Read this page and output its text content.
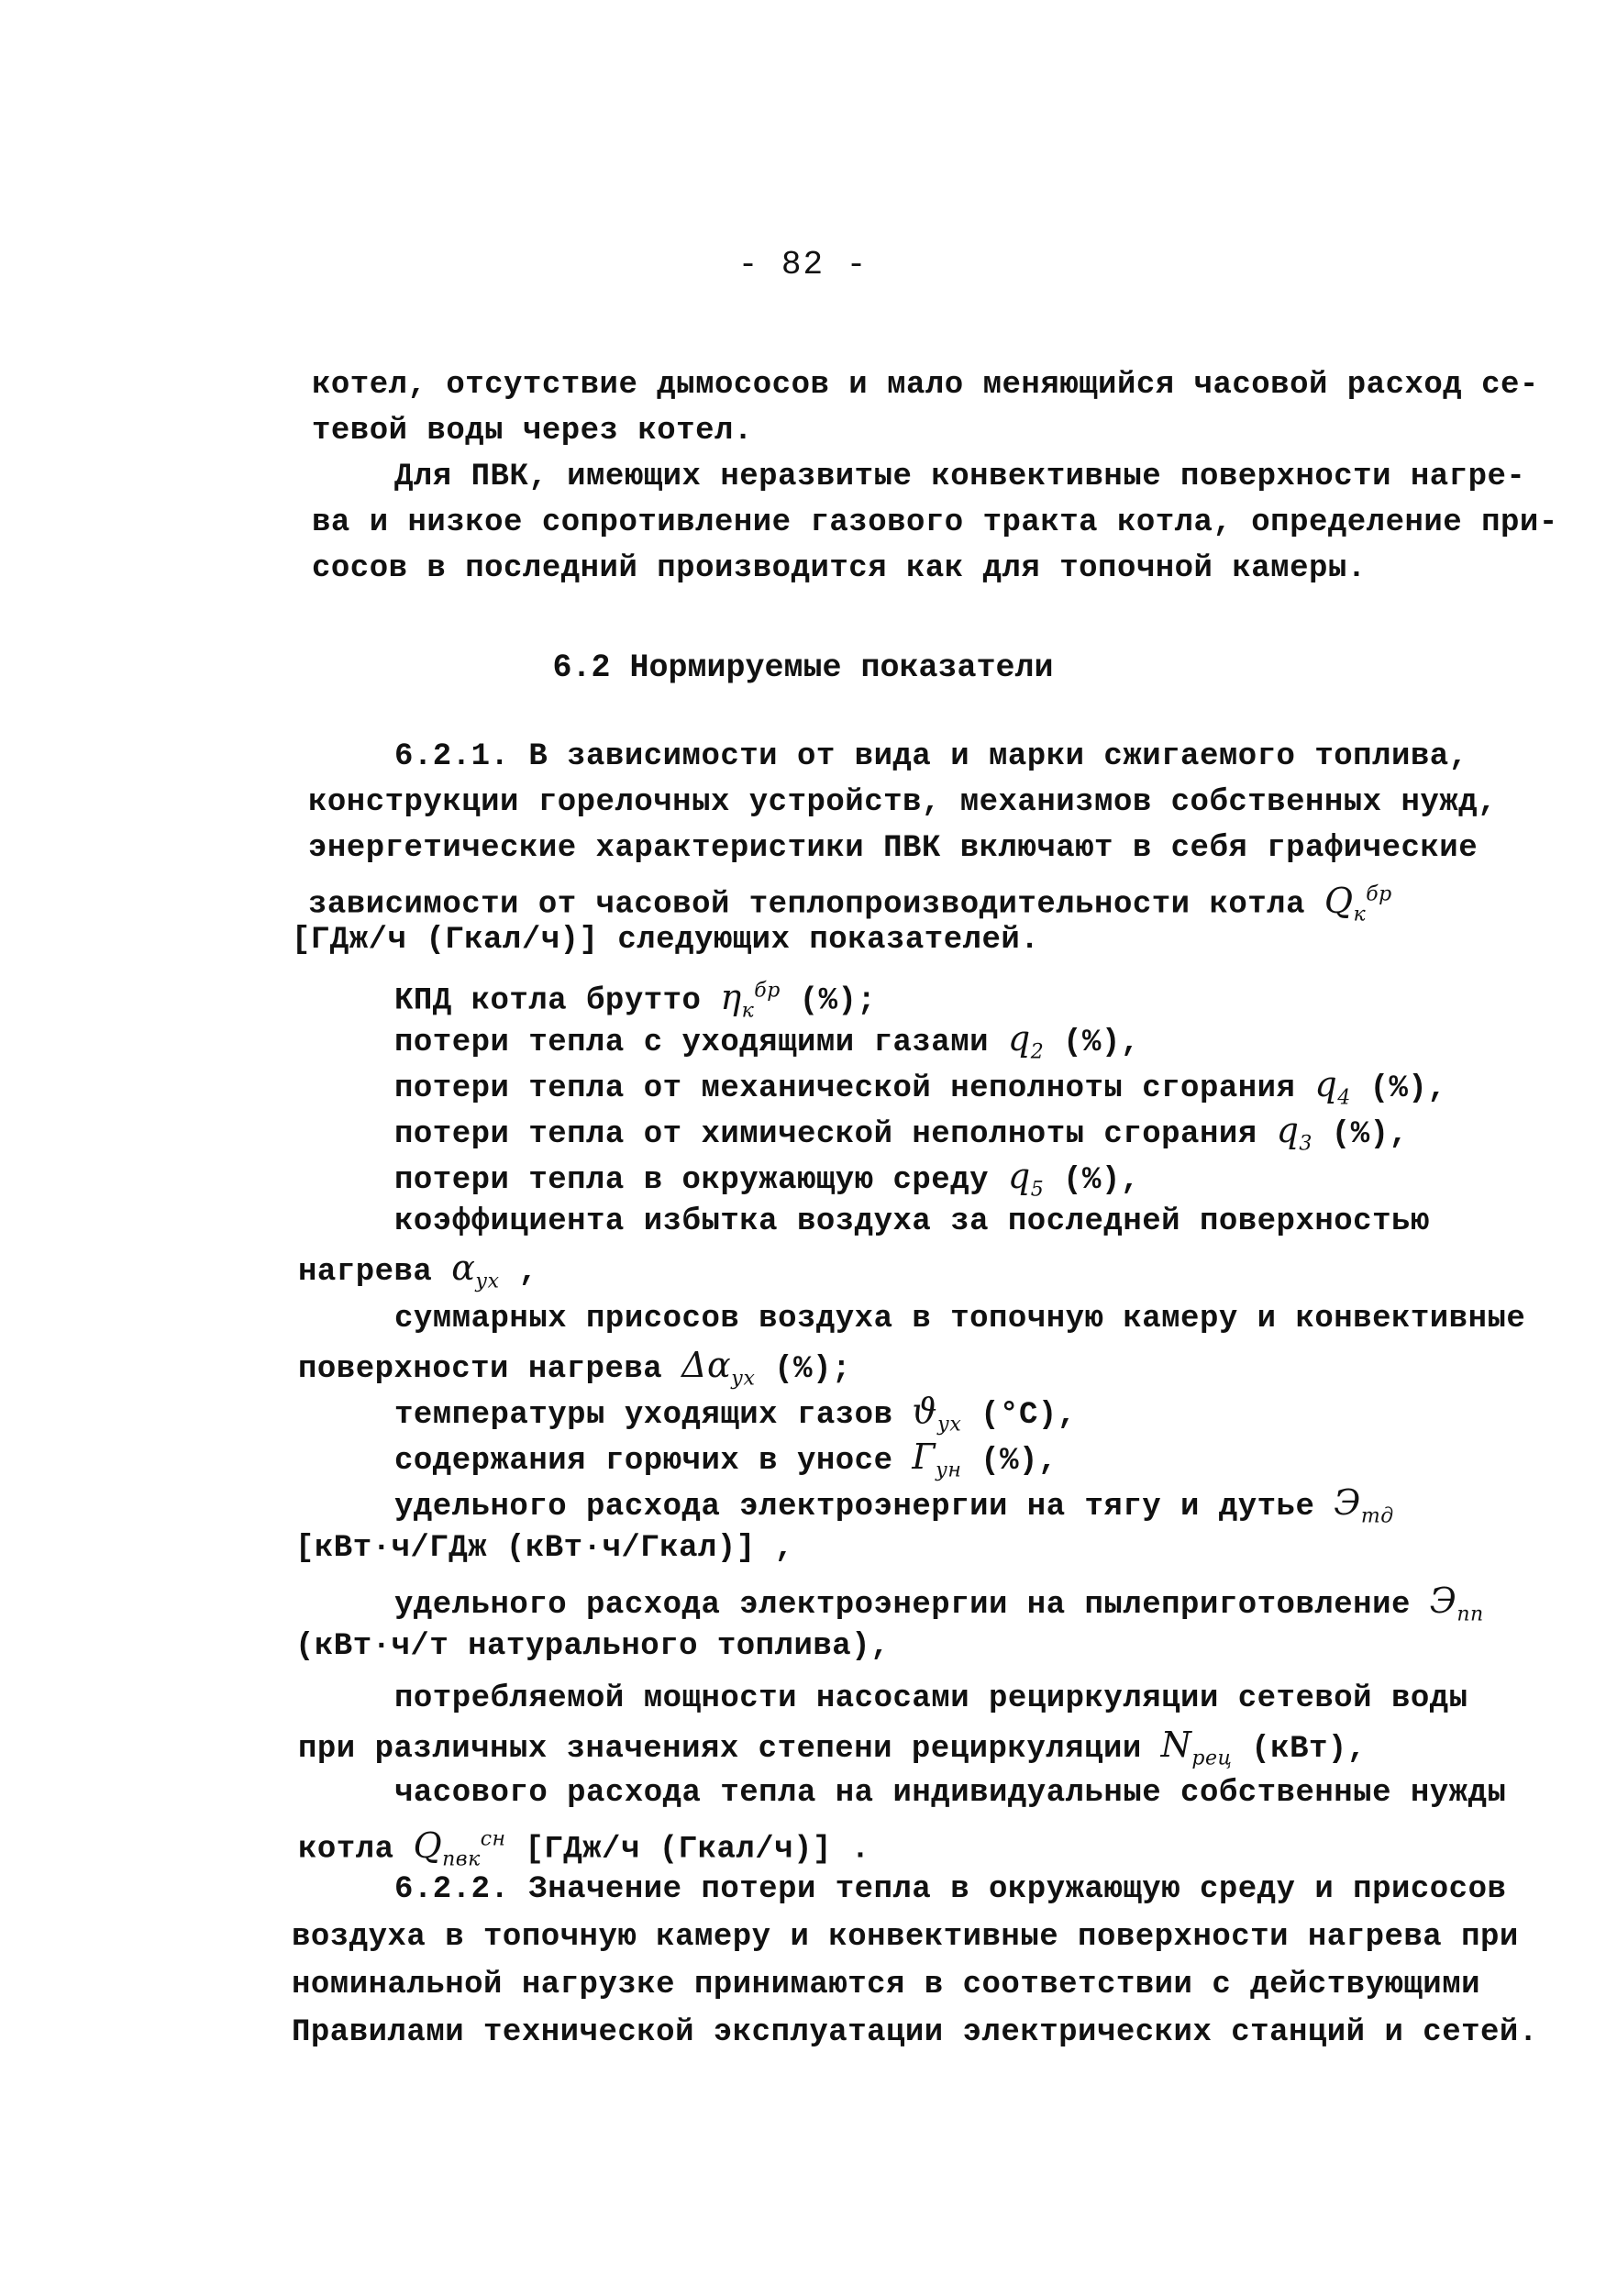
- 82 -
котел, отсутствие дымососов и мало меняющийся часовой расход се-
тевой воды через котел.
Для ПВК, имеющих неразвитые конвективные поверхности нагре-
ва и низкое сопротивление газового тракта котла, определение при-
сосов в последний производится как для топочной камеры.
6.2 Нормируемые показатели
6.2.1. В зависимости от вида и марки сжигаемого топлива,
конструкции горелочных устройств, механизмов собственных нужд,
энергетические характеристики ПВК включают в себя графические
зависимости от часовой теплопроизводительности котла $Q_к^{бр}$
[ГДж/ч (Гкал/ч)] следующих показателей.
КПД котла брутто $\eta_к^{бр}$ (%);
потери тепла с уходящими газами $q_2$ (%),
потери тепла от механической неполноты сгорания $q_4$ (%),
потери тепла от химической неполноты сгорания $q_3$ (%),
потери тепла в окружающую среду $q_5$ (%),
коэффициента избытка воздуха за последней поверхностью
нагрева $\alpha_{ух}$ ,
суммарных присосов воздуха в топочную камеру и конвективные
поверхности нагрева $\Delta\alpha_{ух}$ (%);
температуры уходящих газов $ϑ_{ух}$ (°С),
содержания горючих в уносе $Г_{ун}$ (%),
удельного расхода электроэнергии на тягу и дутье $Э_{тд}$
[кВт·ч/ГДж (кВт·ч/Гкал)] ,
удельного расхода электроэнергии на пылеприготовление $Э_{пп}$
(кВт·ч/т натурального топлива),
потребляемой мощности насосами рециркуляции сетевой воды
при различных значениях степени рециркуляции $N_{рец}$ (кВт),
часового расхода тепла на индивидуальные собственные нужды
котла $Q_{пвк}^{сн}$ [ГДж/ч (Гкал/ч)] .
6.2.2. Значение потери тепла в окружающую среду и присосов
воздуха в топочную камеру и конвективные поверхности нагрева при
номинальной нагрузке принимаются в соответствии с действующими
Правилами технической эксплуатации электрических станций и сетей.
